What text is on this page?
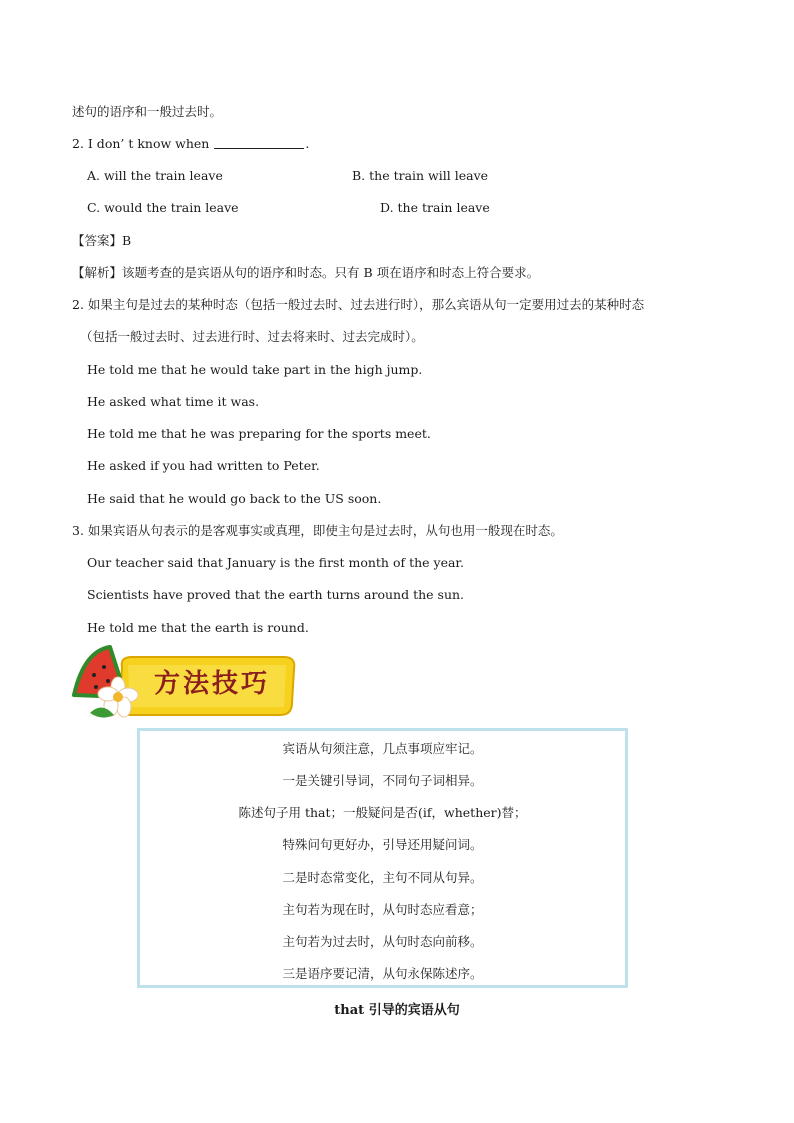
述句的语序和一般过去时。
2. I don’ t know when	.
A. will the train leave	B. the train will leave
C. would the train leave	D. the train leave
【答案】B
【解析】该题考查的是宾语从句的语序和时态。只有 B 项在语序和时态上符合要求。
2. 如果主句是过去的某种时态（包括一般过去时、过去进行时），那么宾语从句一定要用过去的某种时态
（包括一般过去时、过去进行时、过去将来时、过去完成时）。
He told me that he would take part in the high jump.
He asked what time it was.
He told me that he was preparing for the sports meet.
He asked if you had written to Peter.
He said that he would go back to the US soon.
3. 如果宾语从句表示的是客观事实或真理，即使主句是过去时，从句也用一般现在时态。
Our teacher said that January is the first month of the year.
Scientists have proved that the earth turns around the sun.
He told me that the earth is round.
方法技巧
宾语从句须注意，几点事项应牢记。
一是关键引导词，不同句子词相异。
陈述句子用 that；一般疑问是否(if，whether)替；
特殊问句更好办，引导还用疑问词。
二是时态常变化，主句不同从句异。
主句若为现在时，从句时态应看意；
主句若为过去时，从句时态向前移。
三是语序要记清，从句永保陈述序。
that 引导的宾语从句
